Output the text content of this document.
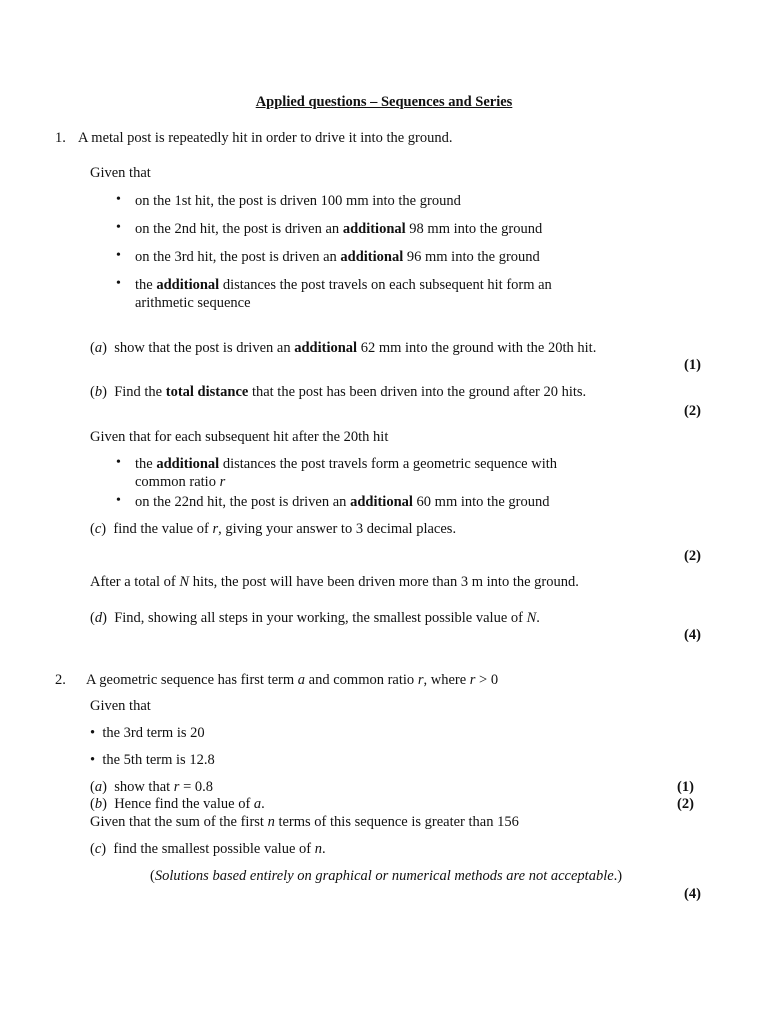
Applied questions – Sequences and Series
1. A metal post is repeatedly hit in order to drive it into the ground.
Given that
• on the 1st hit, the post is driven 100 mm into the ground
• on the 2nd hit, the post is driven an additional 98 mm into the ground
• on the 3rd hit, the post is driven an additional 96 mm into the ground
• the additional distances the post travels on each subsequent hit form an
arithmetic sequence
(a)  show that the post is driven an additional 62 mm into the ground with the 20th hit.
(1)
(b)  Find the total distance that the post has been driven into the ground after 20 hits.
(2)
Given that for each subsequent hit after the 20th hit
• the additional distances the post travels form a geometric sequence with
common ratio r
• on the 22nd hit, the post is driven an additional 60 mm into the ground
(c)  find the value of r, giving your answer to 3 decimal places.
(2)
After a total of N hits, the post will have been driven more than 3 m into the ground.
(d)  Find, showing all steps in your working, the smallest possible value of N.
(4)
2. A geometric sequence has first term a and common ratio r, where r > 0
Given that
• the 3rd term is 20
• the 5th term is 12.8
(a)  show that r = 0.8	(1)
(b)  Hence find the value of a.	(2)
Given that the sum of the first n terms of this sequence is greater than 156
(c)  find the smallest possible value of n.
(Solutions based entirely on graphical or numerical methods are not acceptable.)
(4)
